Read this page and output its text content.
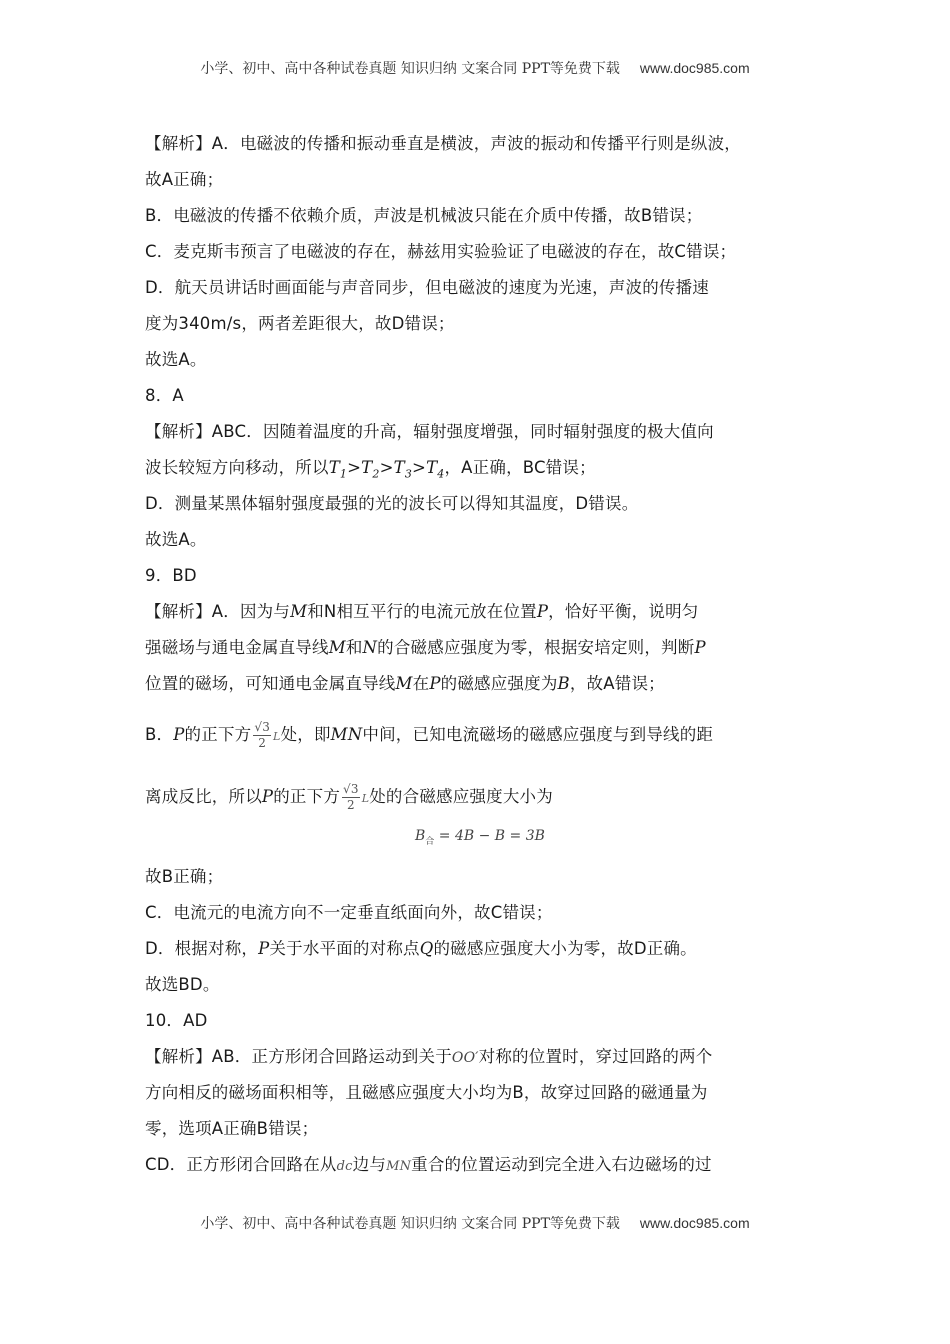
小学、初中、高中各种试卷真题 知识归纳 文案合同 PPT等免费下载 www.doc985.com
【解析】A．电磁波的传播和振动垂直是横波，声波的振动和传播平行则是纵波，
故A正确；
B．电磁波的传播不依赖介质，声波是机械波只能在介质中传播，故B错误；
C．麦克斯韦预言了电磁波的存在，赫兹用实验验证了电磁波的存在，故C错误；
D．航天员讲话时画面能与声音同步，但电磁波的速度为光速，声波的传播速
度为340m/s，两者差距很大，故D错误；
故选A。
8．A
【解析】ABC．因随着温度的升高，辐射强度增强，同时辐射强度的极大值向
波长较短方向移动，所以$T_1>T_2>T_3>T_4$，A正确，BC错误；
D．测量某黑体辐射强度最强的光的波长可以得知其温度，D错误。
故选A。
9．BD
【解析】A．因为与M和N相互平行的电流元放在位置P，恰好平衡，说明匀
强磁场与通电金属直导线M和N的合磁感应强度为零，根据安培定则，判断P
位置的磁场，可知通电金属直导线M在P的磁感应强度为B，故A错误；
B．P的正下方 $\frac{√3}{2}$ L处，即MN中间，已知电流磁场的磁感应强度与到导线的距
离成反比，所以P的正下方 $\frac{√3}{2}$ L处的合磁感应强度大小为
$B_合 = 4B - B = 3B$
故B正确；
C．电流元的电流方向不一定垂直纸面向外，故C错误；
D．根据对称，P关于水平面的对称点Q的磁感应强度大小为零，故D正确。
故选BD。
10．AD
【解析】AB．正方形闭合回路运动到关于OO′对称的位置时，穿过回路的两个
方向相反的磁场面积相等，且磁感应强度大小均为B，故穿过回路的磁通量为
零，选项A正确B错误；
CD．正方形闭合回路在从dc边与MN重合的位置运动到完全进入右边磁场的过
小学、初中、高中各种试卷真题 知识归纳 文案合同 PPT等免费下载 www.doc985.com
